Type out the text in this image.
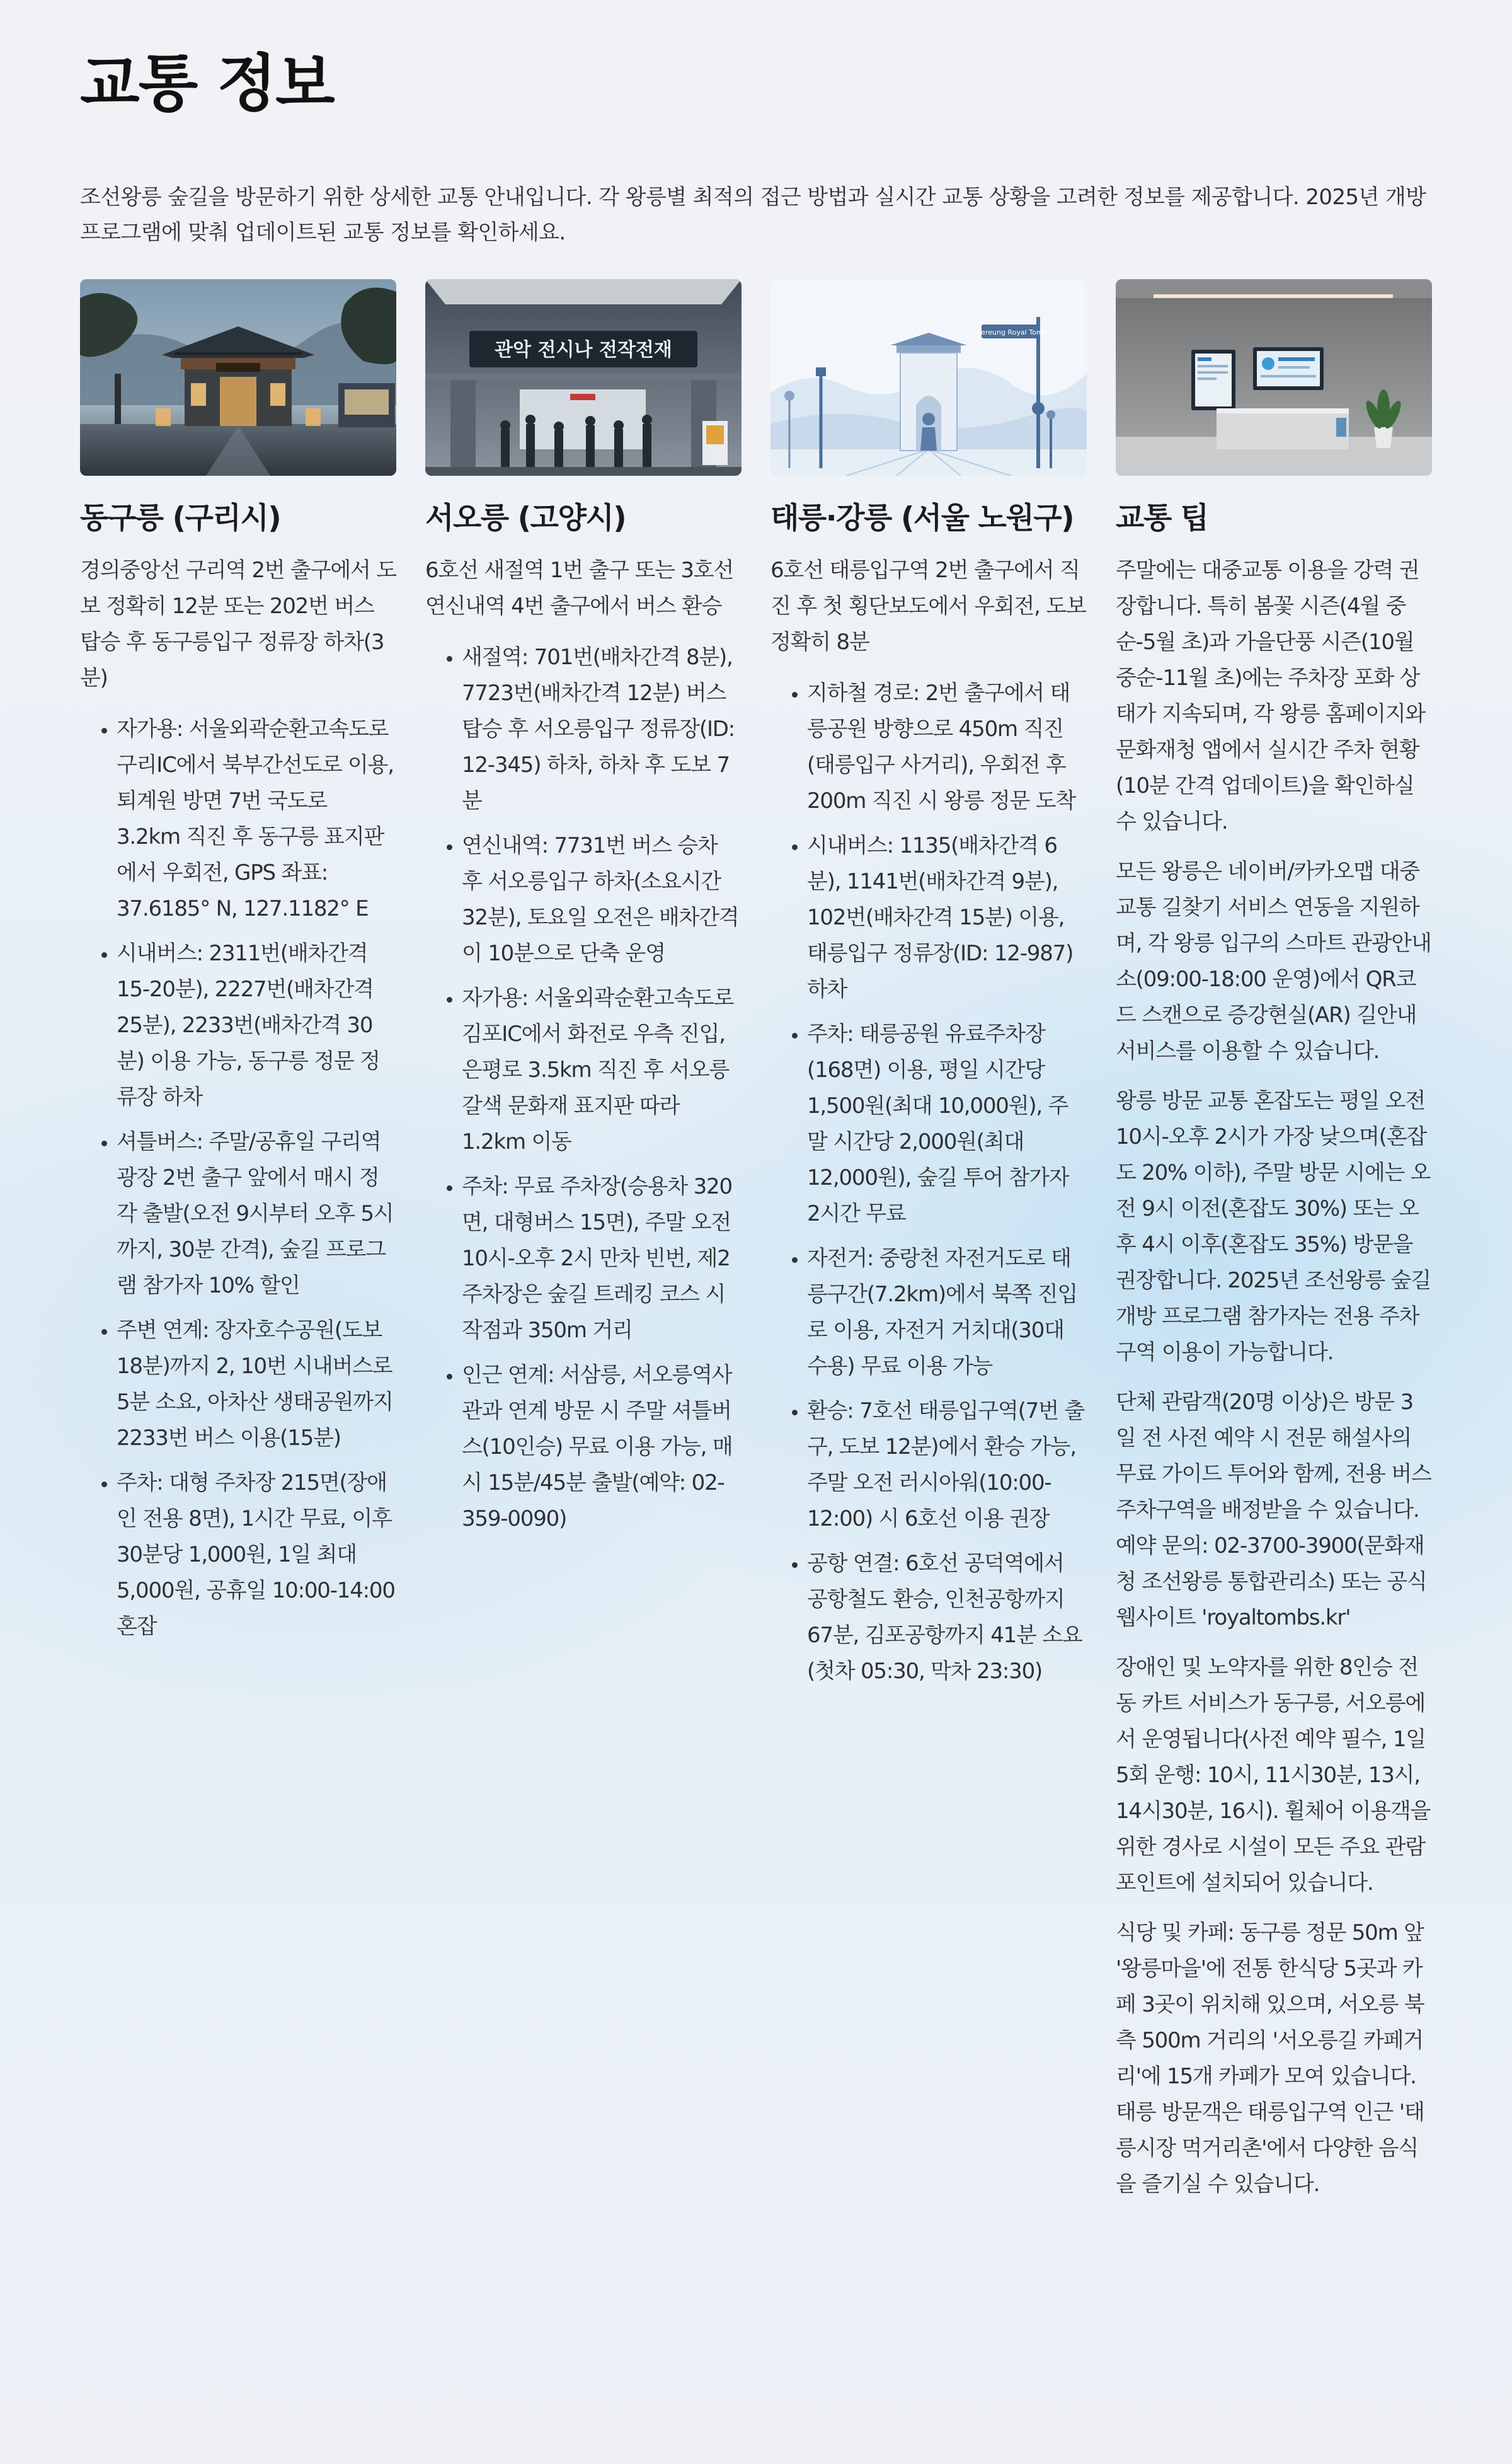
교통 정보

조선왕릉 숲길을 방문하기 위한 상세한 교통 안내입니다. 각 왕릉별 최적의 접근 방법과 실시간 교통 상황을 고려한 정보를 제공합니다. 2025년 개방 프로그램에 맞춰 업데이트된 교통 정보를 확인하세요.

동구릉 (구리시)

경의중앙선 구리역 2번 출구에서 도보 정확히 12분 또는 202번 버스 탑승 후 동구릉입구 정류장 하차(3분)

• 자가용: 서울외곽순환고속도로 구리IC에서 북부간선도로 이용, 퇴계원 방면 7번 국도로 3.2km 직진 후 동구릉 표지판에서 우회전, GPS 좌표: 37.6185° N, 127.1182° E
• 시내버스: 2311번(배차간격 15-20분), 2227번(배차간격 25분), 2233번(배차간격 30분) 이용 가능, 동구릉 정문 정류장 하차
• 셔틀버스: 주말/공휴일 구리역 광장 2번 출구 앞에서 매시 정각 출발(오전 9시부터 오후 5시까지, 30분 간격), 숲길 프로그램 참가자 10% 할인
• 주변 연계: 장자호수공원(도보 18분)까지 2, 10번 시내버스로 5분 소요, 아차산 생태공원까지 2233번 버스 이용(15분)
• 주차: 대형 주차장 215면(장애인 전용 8면), 1시간 무료, 이후 30분당 1,000원, 1일 최대 5,000원, 공휴일 10:00-14:00 혼잡
관악 전시나 전작전재
서오릉 (고양시)

6호선 새절역 1번 출구 또는 3호선 연신내역 4번 출구에서 버스 환승

• 새절역: 701번(배차간격 8분), 7723번(배차간격 12분) 버스 탑승 후 서오릉입구 정류장(ID: 12-345) 하차, 하차 후 도보 7분
• 연신내역: 7731번 버스 승차 후 서오릉입구 하차(소요시간 32분), 토요일 오전은 배차간격이 10분으로 단축 운영
• 자가용: 서울외곽순환고속도로 김포IC에서 화전로 우측 진입, 은평로 3.5km 직진 후 서오릉 갈색 문화재 표지판 따라 1.2km 이동
• 주차: 무료 주차장(승용차 320면, 대형버스 15면), 주말 오전 10시-오후 2시 만차 빈번, 제2주차장은 숲길 트레킹 코스 시작점과 350m 거리
• 인근 연계: 서삼릉, 서오릉역사관과 연계 방문 시 주말 셔틀버스(10인승) 무료 이용 가능, 매시 15분/45분 출발(예약: 02-359-0090)
Taereung Royal Tomb
태릉·강릉 (서울 노원구)

6호선 태릉입구역 2번 출구에서 직진 후 첫 횡단보도에서 우회전, 도보 정확히 8분

• 지하철 경로: 2번 출구에서 태릉공원 방향으로 450m 직진(태릉입구 사거리), 우회전 후 200m 직진 시 왕릉 정문 도착
• 시내버스: 1135(배차간격 6분), 1141번(배차간격 9분), 102번(배차간격 15분) 이용, 태릉입구 정류장(ID: 12-987) 하차
• 주차: 태릉공원 유료주차장(168면) 이용, 평일 시간당 1,500원(최대 10,000원), 주말 시간당 2,000원(최대 12,000원), 숲길 투어 참가자 2시간 무료
• 자전거: 중랑천 자전거도로 태릉구간(7.2km)에서 북쪽 진입로 이용, 자전거 거치대(30대 수용) 무료 이용 가능
• 환승: 7호선 태릉입구역(7번 출구, 도보 12분)에서 환승 가능, 주말 오전 러시아워(10:00-12:00) 시 6호선 이용 권장
• 공항 연결: 6호선 공덕역에서 공항철도 환승, 인천공항까지 67분, 김포공항까지 41분 소요(첫차 05:30, 막차 23:30)
교통 팁

주말에는 대중교통 이용을 강력 권장합니다. 특히 봄꽃 시즌(4월 중순-5월 초)과 가을단풍 시즌(10월 중순-11월 초)에는 주차장 포화 상태가 지속되며, 각 왕릉 홈페이지와 문화재청 앱에서 실시간 주차 현황(10분 간격 업데이트)을 확인하실 수 있습니다.

모든 왕릉은 네이버/카카오맵 대중교통 길찾기 서비스 연동을 지원하며, 각 왕릉 입구의 스마트 관광안내소(09:00-18:00 운영)에서 QR코드 스캔으로 증강현실(AR) 길안내 서비스를 이용할 수 있습니다.

왕릉 방문 교통 혼잡도는 평일 오전 10시-오후 2시가 가장 낮으며(혼잡도 20% 이하), 주말 방문 시에는 오전 9시 이전(혼잡도 30%) 또는 오후 4시 이후(혼잡도 35%) 방문을 권장합니다. 2025년 조선왕릉 숲길 개방 프로그램 참가자는 전용 주차구역 이용이 가능합니다.

단체 관람객(20명 이상)은 방문 3일 전 사전 예약 시 전문 해설사의 무료 가이드 투어와 함께, 전용 버스 주차구역을 배정받을 수 있습니다. 예약 문의: 02-3700-3900(문화재청 조선왕릉 통합관리소) 또는 공식 웹사이트 'royaltombs.kr'

장애인 및 노약자를 위한 8인승 전동 카트 서비스가 동구릉, 서오릉에서 운영됩니다(사전 예약 필수, 1일 5회 운행: 10시, 11시30분, 13시, 14시30분, 16시). 휠체어 이용객을 위한 경사로 시설이 모든 주요 관람 포인트에 설치되어 있습니다.

식당 및 카페: 동구릉 정문 50m 앞 '왕릉마을'에 전통 한식당 5곳과 카페 3곳이 위치해 있으며, 서오릉 북측 500m 거리의 '서오릉길 카페거리'에 15개 카페가 모여 있습니다. 태릉 방문객은 태릉입구역 인근 '태릉시장 먹거리촌'에서 다양한 음식을 즐기실 수 있습니다.
